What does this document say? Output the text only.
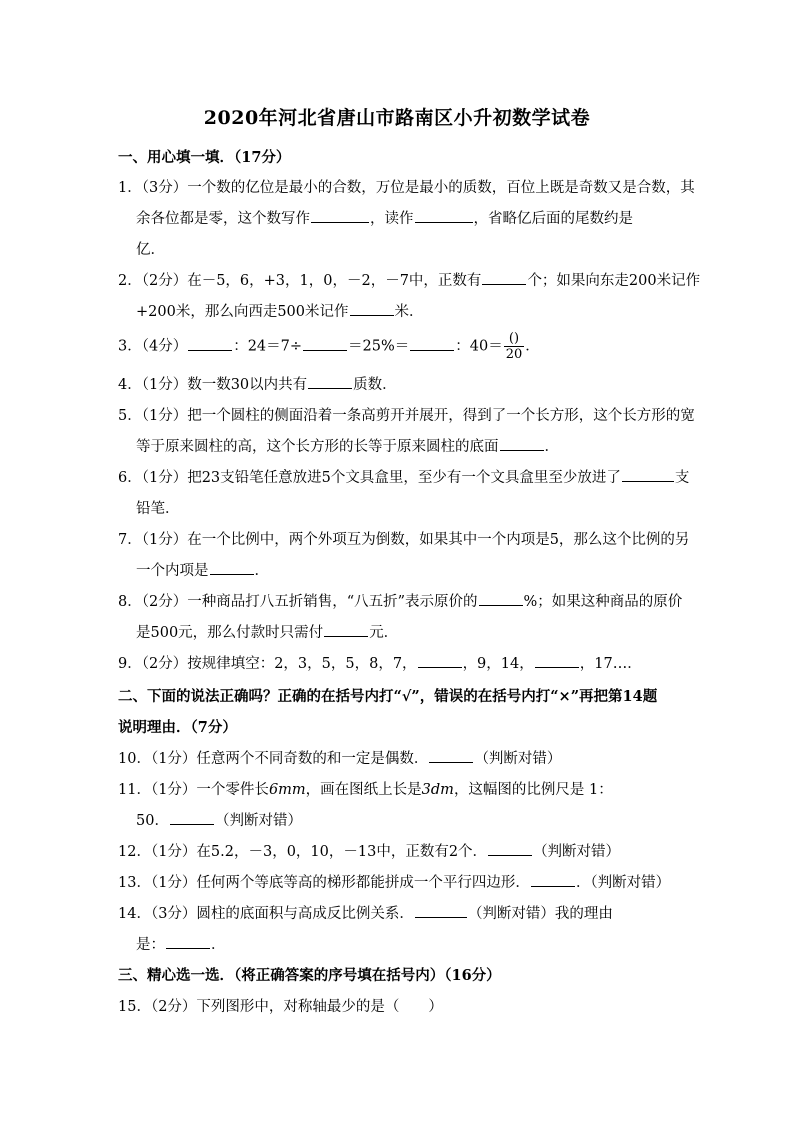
2020年河北省唐山市路南区小升初数学试卷
一、用心填一填．（17分）
1．（3分）一个数的亿位是最小的合数，万位是最小的质数，百位上既是奇数又是合数，其
余各位都是零，这个数写作	，读作	，省略亿后面的尾数约是
亿．
2．（2分）在－5，6，+3，1，0，－2，－7中，正数有	个；如果向东走200米记作
+200米，那么向西走500米记作	米．
3．（4分）	：24＝7÷	＝25%＝	：$40= \frac{()}{20}$ ．
4．（1分）数一数30以内共有	质数．
5．（1分）把一个圆柱的侧面沿着一条高剪开并展开，得到了一个长方形，这个长方形的宽
等于原来圆柱的高，这个长方形的长等于原来圆柱的底面	．
6．（1分）把23支铅笔任意放进5个文具盒里，至少有一个文具盒里至少放进了	支
铅笔．
7．（1分）在一个比例中，两个外项互为倒数，如果其中一个内项是5，那么这个比例的另
一个内项是	．
8．（2分）一种商品打八五折销售，“八五折”表示原价的	%；如果这种商品的原价
是500元，那么付款时只需付	元．
9．（2分）按规律填空：2，3，5，5，8，7，	，9，14，	，17…．
二、下面的说法正确吗？正确的在括号内打“√”，错误的在括号内打“×”再把第14题
说明理由．（7分）
10．（1分）任意两个不同奇数的和一定是偶数．	（判断对错）
11．（1分）一个零件长6mm，画在图纸上长是3dm，这幅图的比例尺是 1：
50．	（判断对错）
12．（1分）在5.2，－3，0，10，－13中，正数有2个．	（判断对错）
13．（1分）任何两个等底等高的梯形都能拼成一个平行四边形．	．（判断对错）
14．（3分）圆柱的底面积与高成反比例关系．	（判断对错）我的理由
是：	．
三、精心选一选．（将正确答案的序号填在括号内）（16分）
15．（2分）下列图形中，对称轴最少的是（　　）
